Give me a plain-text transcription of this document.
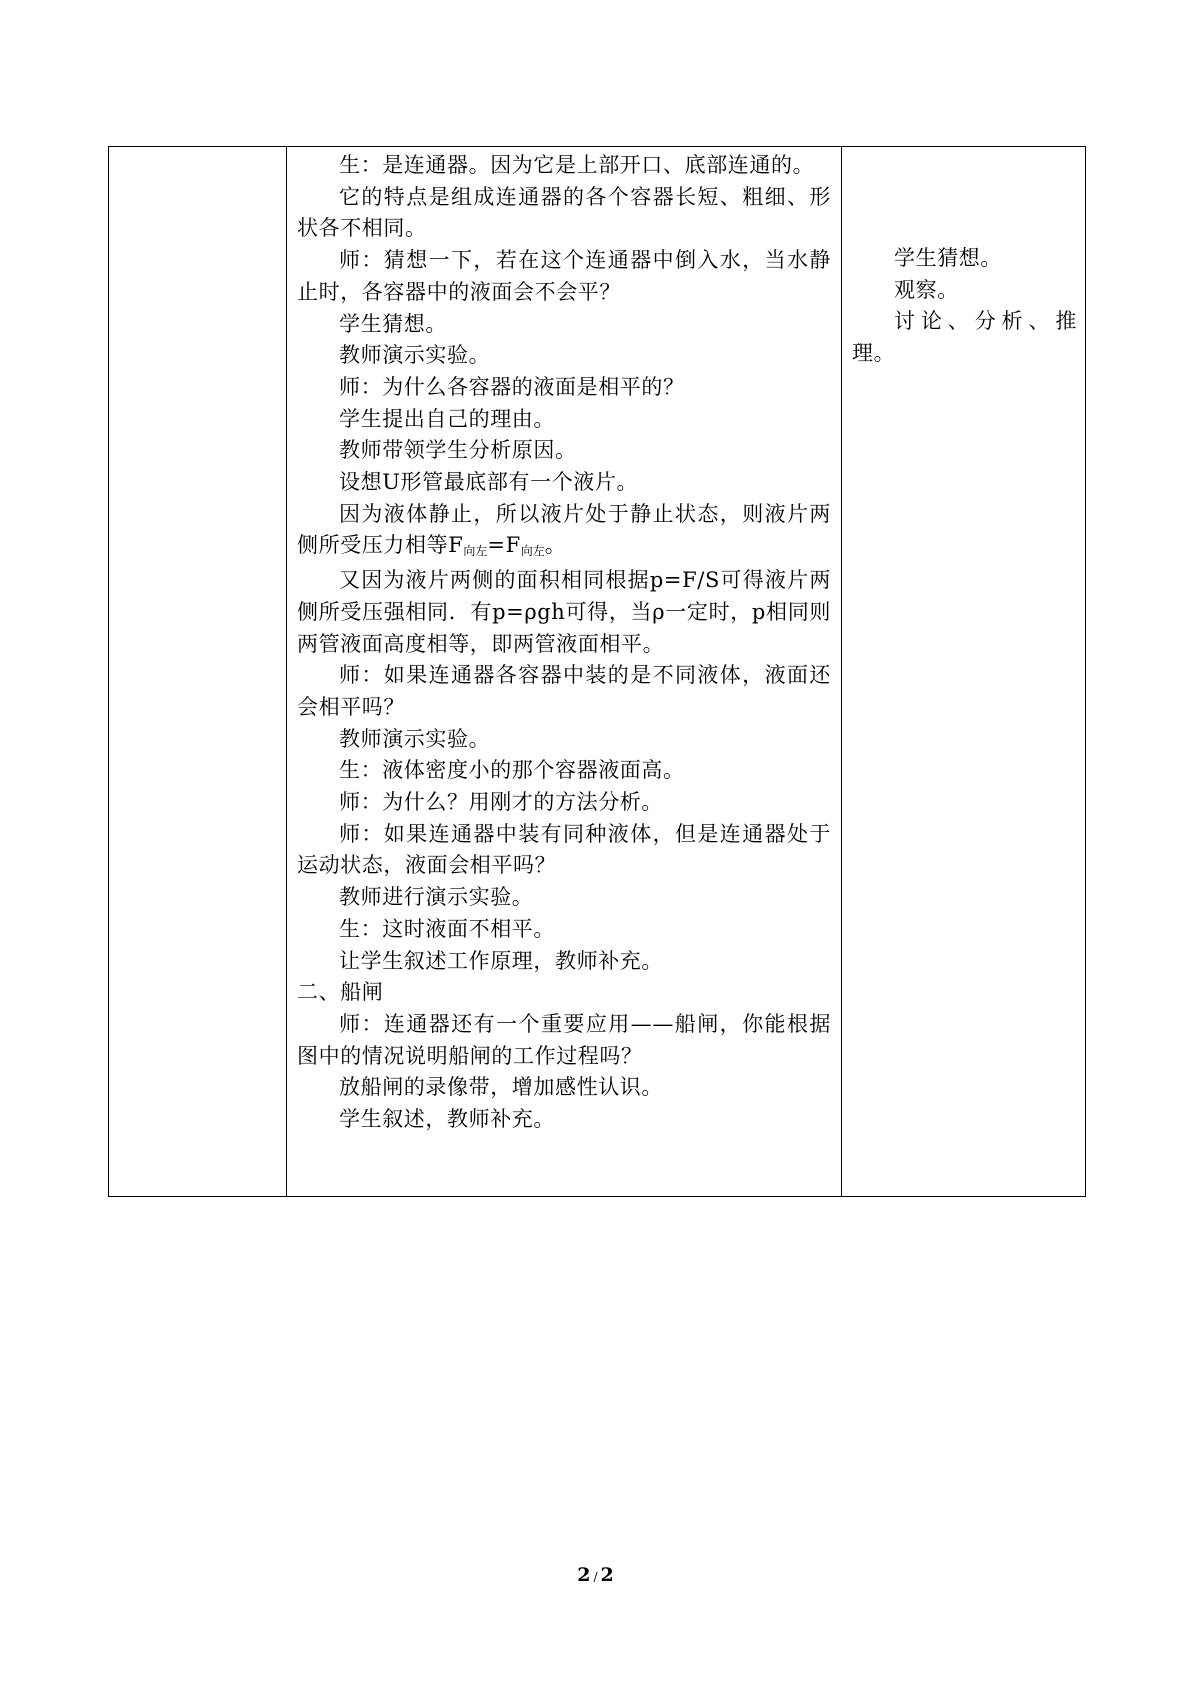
生：是连通器。因为它是上部开口、底部连通的。

它的特点是组成连通器的各个容器长短、粗细、形状各不相同。

师：猜想一下，若在这个连通器中倒入水，当水静止时，各容器中的液面会不会平？

学生猜想。

教师演示实验。

师：为什么各容器的液面是相平的？

学生提出自己的理由。

教师带领学生分析原因。

设想U形管最底部有一个液片。

因为液体静止，所以液片处于静止状态，则液片两侧所受压力相等F向左=F向左。

又因为液片两侧的面积相同根据p=F/S可得液片两侧所受压强相同．有p=ρgh可得，当ρ一定时，p相同则两管液面高度相等，即两管液面相平。

师：如果连通器各容器中装的是不同液体，液面还会相平吗？

教师演示实验。

生：液体密度小的那个容器液面高。

师：为什么？用刚才的方法分析。

师：如果连通器中装有同种液体，但是连通器处于运动状态，液面会相平吗？

教师进行演示实验。

生：这时液面不相平。

让学生叙述工作原理，教师补充。

二、船闸

师：连通器还有一个重要应用——船闸，你能根据图中的情况说明船闸的工作过程吗？

放船闸的录像带，增加感性认识。

学生叙述，教师补充。

学生猜想。

观察。

讨论、分析、推理。

2 / 2
